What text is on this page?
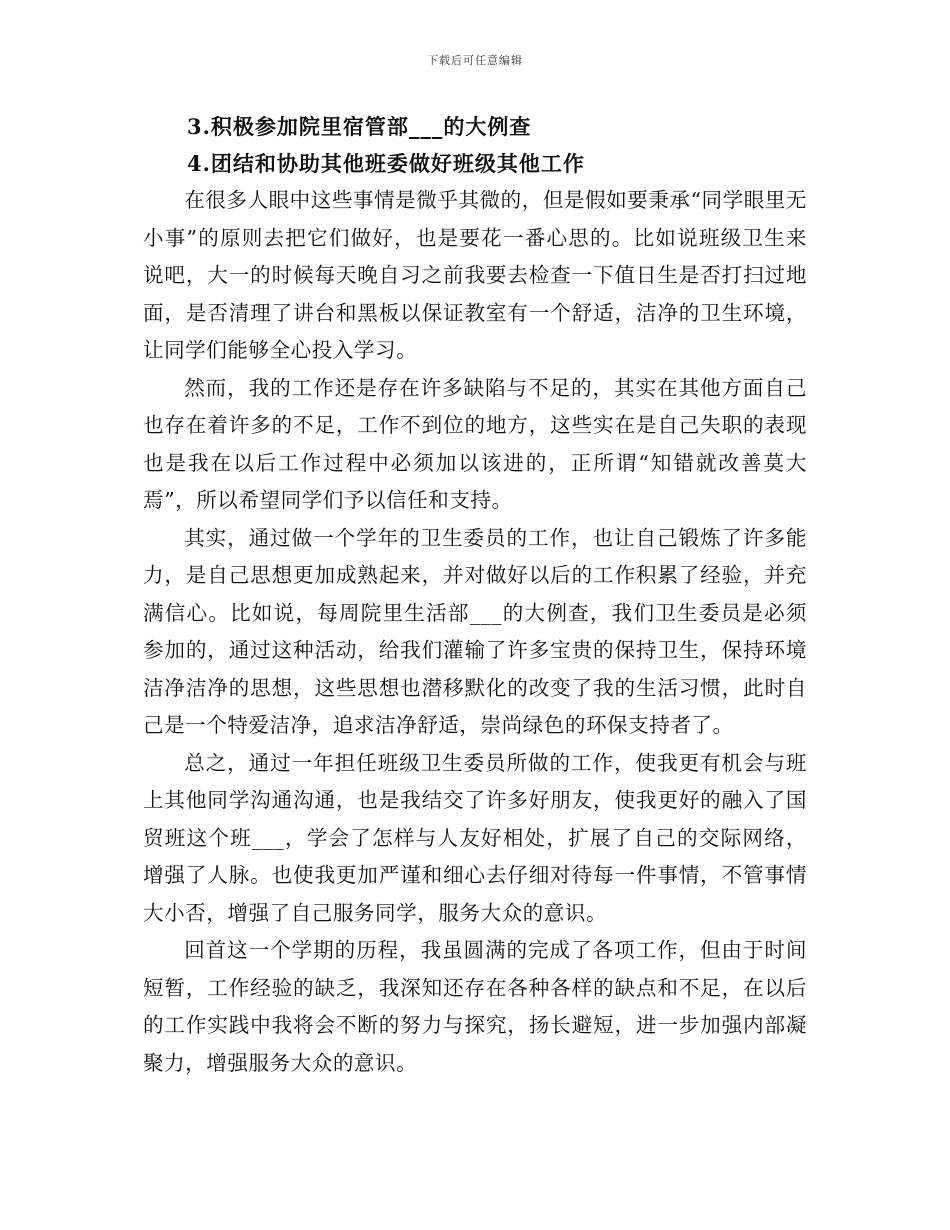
下载后可任意编辑

3.积极参加院里宿管部___的大例查

4.团结和协助其他班委做好班级其他工作

在很多人眼中这些事情是微乎其微的，但是假如要秉承“同学眼里无小事”的原则去把它们做好，也是要花一番心思的。比如说班级卫生来说吧，大一的时候每天晚自习之前我要去检查一下值日生是否打扫过地面，是否清理了讲台和黑板以保证教室有一个舒适，洁净的卫生环境，让同学们能够全心投入学习。

然而，我的工作还是存在许多缺陷与不足的，其实在其他方面自己也存在着许多的不足，工作不到位的地方，这些实在是自己失职的表现也是我在以后工作过程中必须加以该进的，正所谓“知错就改善莫大焉”，所以希望同学们予以信任和支持。

其实，通过做一个学年的卫生委员的工作，也让自己锻炼了许多能力，是自己思想更加成熟起来，并对做好以后的工作积累了经验，并充满信心。比如说，每周院里生活部___的大例查，我们卫生委员是必须参加的，通过这种活动，给我们灌输了许多宝贵的保持卫生，保持环境洁净洁净的思想，这些思想也潜移默化的改变了我的生活习惯，此时自己是一个特爱洁净，追求洁净舒适，崇尚绿色的环保支持者了。

总之，通过一年担任班级卫生委员所做的工作，使我更有机会与班上其他同学沟通沟通，也是我结交了许多好朋友，使我更好的融入了国贸班这个班___，学会了怎样与人友好相处，扩展了自己的交际网络，增强了人脉。也使我更加严谨和细心去仔细对待每一件事情，不管事情大小否，增强了自己服务同学，服务大众的意识。

回首这一个学期的历程，我虽圆满的完成了各项工作，但由于时间短暂，工作经验的缺乏，我深知还存在各种各样的缺点和不足，在以后的工作实践中我将会不断的努力与探究，扬长避短，进一步加强内部凝聚力，增强服务大众的意识。
